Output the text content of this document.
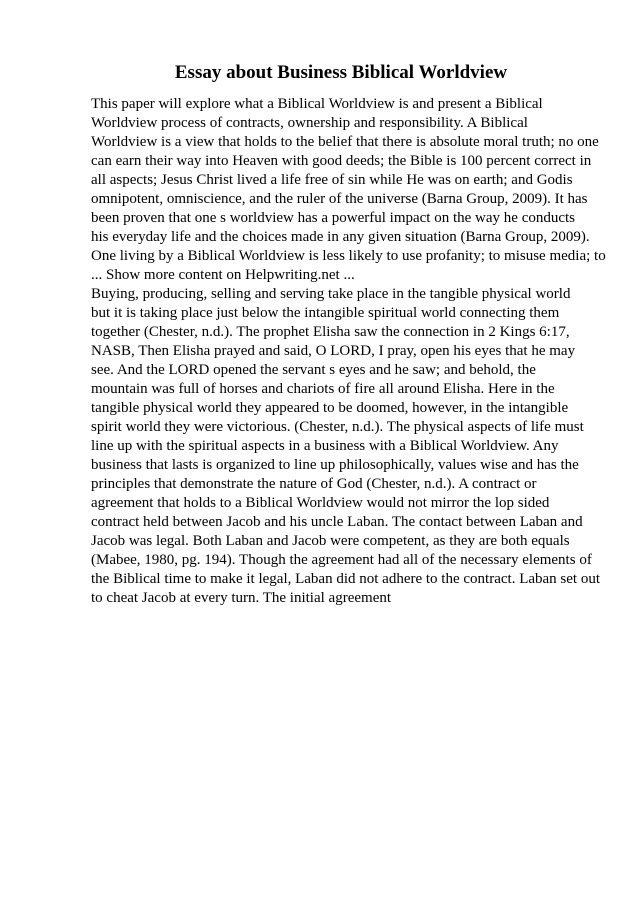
Essay about Business Biblical Worldview
This paper will explore what a Biblical Worldview is and present a Biblical
Worldview process of contracts, ownership and responsibility. A Biblical
Worldview is a view that holds to the belief that there is absolute moral truth; no one
can earn their way into Heaven with good deeds; the Bible is 100 percent correct in
all aspects; Jesus Christ lived a life free of sin while He was on earth; and Godis
omnipotent, omniscience, and the ruler of the universe (Barna Group, 2009). It has
been proven that one s worldview has a powerful impact on the way he conducts
his everyday life and the choices made in any given situation (Barna Group, 2009).
One living by a Biblical Worldview is less likely to use profanity; to misuse media; to
... Show more content on Helpwriting.net ...
Buying, producing, selling and serving take place in the tangible physical world
but it is taking place just below the intangible spiritual world connecting them
together (Chester, n.d.). The prophet Elisha saw the connection in 2 Kings 6:17,
NASB, Then Elisha prayed and said, O LORD, I pray, open his eyes that he may
see. And the LORD opened the servant s eyes and he saw; and behold, the
mountain was full of horses and chariots of fire all around Elisha. Here in the
tangible physical world they appeared to be doomed, however, in the intangible
spirit world they were victorious. (Chester, n.d.). The physical aspects of life must
line up with the spiritual aspects in a business with a Biblical Worldview. Any
business that lasts is organized to line up philosophically, values wise and has the
principles that demonstrate the nature of God (Chester, n.d.). A contract or
agreement that holds to a Biblical Worldview would not mirror the lop sided
contract held between Jacob and his uncle Laban. The contact between Laban and
Jacob was legal. Both Laban and Jacob were competent, as they are both equals
(Mabee, 1980, pg. 194). Though the agreement had all of the necessary elements of
the Biblical time to make it legal, Laban did not adhere to the contract. Laban set out
to cheat Jacob at every turn. The initial agreement
